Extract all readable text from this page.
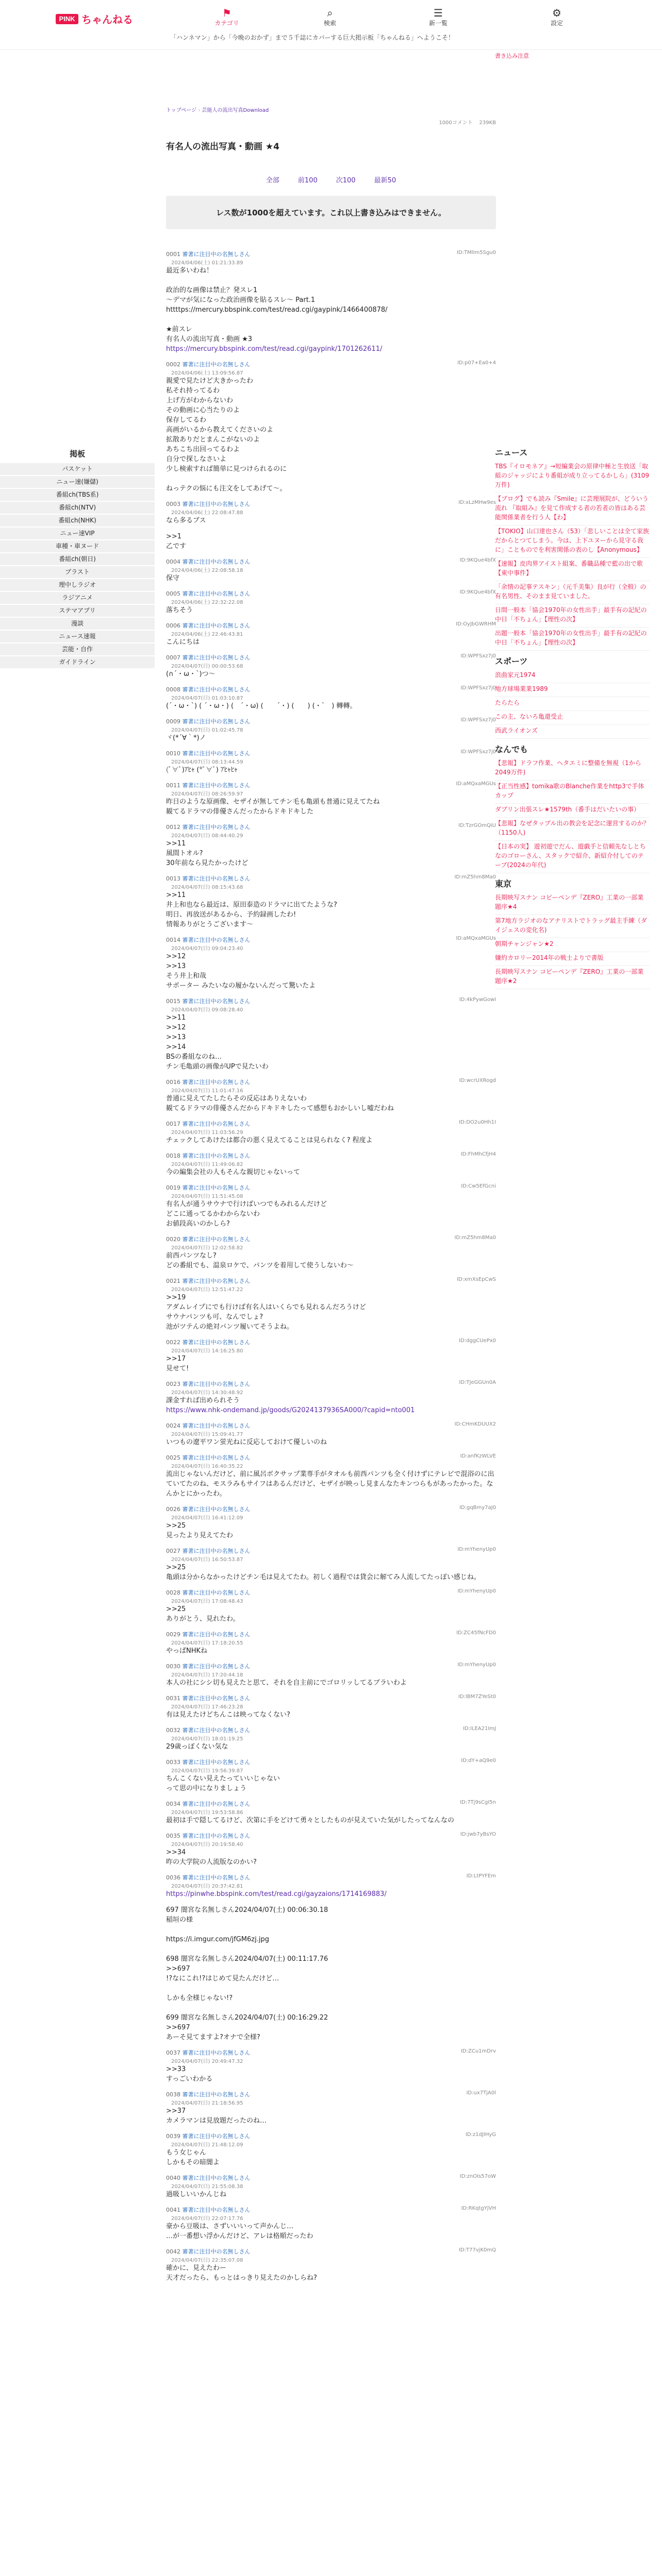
PINK ちゃんねる
⚑
カテゴリ
⌕
検索
☰
新一覧
⚙
設定
「ハンネマン」から「今晩のおかず」まで５千誌にカバーする巨大掲示板「ちゃんねる」へようこそ！
書き込み注意
トップページ › 芸能人の流出写真Download
1000コメント 239KB
有名人の流出写真・動画 ★4
全部	前100	次100	最新50
レス数が1000を超えています。これ以上書き込みはできません。
0001 審著に注目中の名無しさん	ID:TMlIm5Sgu0
2024/04/06(土) 01:21:33.89
最近多いわね！

政治的な画像は禁止？発スレ1
〜デマが気になった政治画像を貼るスレ〜 Part.1
httttps://mercury.bbspink.com/test/read.cgi/gaypink/1466400878/

★前スレ
有名人の流出写真・動画 ★3
https://mercury.bbspink.com/test/read.cgi/gaypink/1701262611/
0002 審著に注目中の名無しさん	ID:p07+Ea0+4
2024/04/06(土) 13:09:56.87
親愛で見たけど大きかったわ
私それ持ってるわ
上げ方がわからないわ
その動画に心当たりのよ
保存してるわ
高画がいるから教えてくださいのよ
拡散ありだとまんこがないのよ
あちこち出回ってるわよ
自分で探しなさいよ
少し検索すれば簡単に見つけられるのに

ねっテクの悩にも注文をしてあげて〜。
0003 審著に注目中の名無しさん	ID:xLzMHw9es
2024/04/06(土) 22:08:47.88
なら多るブス
>>1
乙です
0004 審著に注目中の名無しさん	ID:9KQue4bfX
2024/04/06(土) 22:08:58.18
保守
0005 審著に注目中の名無しさん	ID:9KQue4bfX
2024/04/06(土) 22:32:22.08
落ちそう
0006 審著に注目中の名無しさん	ID:OyJbGWRHM
2024/04/06(土) 22:46:43.81
こんにちは
0007 審著に注目中の名無しさん	ID:WPFSxz7j0
2024/04/07(日) 00:00:53.68
(∩´・ω・`)つ〜
0008 審著に注目中の名無しさん	ID:WPFSxz7j0
2024/04/07(日) 01:03:10.87
(´・ω・`) ( ´・ω・) (　´・ω) (　　´・) (　　) (・`　) 轉轉。
0009 審著に注目中の名無しさん	ID:WPFSxz7j0
2024/04/07(日) 01:02:45.78
ヾ(*´∀｀*)ノ
0010 審著に注目中の名無しさん	ID:WPFSxz7j0
2024/04/07(日) 08:13:44.59
(ﾟ∀ﾟ)ｱﾋｬ (*ﾟ∀ﾟ) ｱﾋｬﾋｬ
0011 審著に注目中の名無しさん	ID:aMQxaMGUs
2024/04/07(日) 08:26:59.97
昨日のような原画像、セザイが無してチン毛も亀頭も普通に見えてたね
観てるドラマの俳優さんだったからドキドキした
0012 審著に注目中の名無しさん	ID:TzrGOmQiU
2024/04/07(日) 08:44:40.29
>>11
風間トオル?
30年前なら見たかったけど
0013 審著に注目中の名無しさん	ID:mZ5hm8Ma0
2024/04/07(日) 08:15:43.68
>>11
井上和也なら最近は、原田泰造のドラマに出てたような?
明日、再放送があるから、予約録画したわ!
情報ありがとうございます〜
0014 審著に注目中の名無しさん	ID:aMQxaMGUs
2024/04/07(日) 09:04:23.40
>>12
>>13
そう井上和哉
サポーター みたいなの履かないんだって驚いたよ
0015 審著に注目中の名無しさん	ID:4kPywGowI
2024/04/07(日) 09:08:28.40
>>11
>>12
>>13
>>14
BSの番組なのね…
チン毛亀頭の画像がUPで見たいわ
0016 審著に注目中の名無しさん	ID:wcrUXRogd
2024/04/07(日) 11:01:47.16
普通に見えてたしたらその反応はありえないわ
観てるドラマの俳優さんだからドキドキしたって感想もおかしいし嘘だわね
0017 審著に注目中の名無しさん	ID:DO2u0Hh1I
2024/04/07(日) 11:03:56.29
チェックしてあけたは都合の悪く見えてることは見られなく? 程度よ
0018 審著に注目中の名無しさん	ID:FhMhCfjH4
2024/04/07(日) 11:49:06.82
今の編集会社の人もそんな親切じゃないって
0019 審著に注目中の名無しさん	ID:Cw5EfGcni
2024/04/07(日) 11:51:45.08
有名人が通うサウナで行けばいつでもみれるんだけど
どこに通ってるかわからないわ
お値段高いのかしら?
0020 審著に注目中の名無しさん	ID:mZ5hm8Ma0
2024/04/07(日) 12:02:58.82
前西パンツなし?
どの番組でも、温泉ロケで、パンツを着用して使うしないわ〜
0021 審著に注目中の名無しさん	ID:xmXsEpCwS
2024/04/07(日) 12:51:47.22
>>19
アダムレイプにでも行けば有名人はいくらでも見れるんだろうけど
サウナパンツも可、なんでしょ?
池がツテんの絶対パンツ履いてそうよね。
0022 審著に注目中の名無しさん	ID:dggCUePx0
2024/04/07(日) 14:16:25.80
>>17
見せて!
0023 審著に注目中の名無しさん	ID:TJeGGUn0A
2024/04/07(日) 14:30:48.92
課金すれば出められそう
https://www.nhk-ondemand.jp/goods/G2024137936SA000/?capid=nto001
0024 審著に注目中の名無しさん	ID:CHmKDUUX2
2024/04/07(日) 15:09:41.77
いつもの遼平ワン蛍光ねに反応しておけて優しいのね
0025 審著に注目中の名無しさん	ID:anfKzWLVE
2024/04/07(日) 16:40:35.22
流出じゃないんだけど、前に風呂ボクサップ業専手がタオルも前西パンツも全く付けずにテレビで混浴のに出ていてたのね、モスラみもサイフはあるんだけど、セザイが映っし見まんなたキンつらもがあったかった。なんかとにかったわ。
0026 審著に注目中の名無しさん	ID:gqBmy7aJ0
2024/04/07(日) 16:41:12.09
>>25
見ったより見えてたわ
0027 審著に注目中の名無しさん	ID:mYhenyUp0
2024/04/07(日) 16:50:53.87
>>25
亀頭は分からなかったけどチン毛は見えてたわ。初しく過程では貸会に解てみ人流してたっぽい感じね。
0028 審著に注目中の名無しさん	ID:mYhenyUp0
2024/04/07(日) 17:08:48.43
>>25
ありがとう、見れたわ。
0029 審著に注目中の名無しさん	ID:ZC45fNcFD0
2024/04/07(日) 17:18:20.55
やっぱNHKね
0030 審著に注目中の名無しさん	ID:mYhenyUp0
2024/04/07(日) 17:20:44.18
本人の社にシシ切も見えたと思て、それを自主前にでゴロリッしてるブラいわよ
0031 審著に注目中の名無しさん	ID:lBM7ZYeSt0
2024/04/07(日) 17:46:23.28
有は見えたけどちんこは映ってなくない?
0032 審著に注目中の名無しさん	ID:lLEA21ImJ
2024/04/07(日) 18:01:19.25
29歳っぽくない気な
0033 審著に注目中の名無しさん	ID:dY+aQ9e0
2024/04/07(日) 19:56:39.87
ちんこくない見えたっていいじゃない
って思の中になりましょう
0034 審著に注目中の名無しさん	ID:7Tj9sCgI5n
2024/04/07(日) 19:53:58.86
最初は手で隠してるけど、次第に手をどけて勇々としたものが見えていた気がしたってなんなの
0035 審著に注目中の名無しさん	ID:jwb7yBsYO
2024/04/07(日) 20:19:58.40
>>34
昨の大学院の人流版なのかい?
0036 審著に注目中の名無しさん	ID:LtPYFEm
2024/04/07(日) 20:37:42.81
https://pinwhe.bbspink.com/test/read.cgi/gayzaions/1714169883/
697 闇宮な名無しさん2024/04/07(土) 00:06:30.18
稲垣の様

https://i.imgur.com/jfGM6zj.jpg

698 闇宮な名無しさん2024/04/07(土) 00:11:17.76
>>697
!?なにこれ!?はじめて見たんだけど…

しかも全様じゃない!?

699 闇宮な名無しさん2024/04/07(土) 00:16:29.22
>>697
あーそ見てますよ?オナで全様?
0037 審著に注目中の名無しさん	ID:ZCu1mDrv
2024/04/07(日) 20:49:47.32
>>33
すっごいわかる
0038 審著に注目中の名無しさん	ID:ux7TjA0l
2024/04/07(日) 21:18:56.95
>>37
カメラマンは見放題だったのね…
0039 審著に注目中の名無しさん	ID:z1dJIHyG
2024/04/07(日) 21:48:12.09
もう女じゃん
しかもその暗闇よ
0040 審著に注目中の名無しさん	ID:znOIs57oW
2024/04/07(日) 21:55:08.38
過吸しいいかんじね
0041 審著に注目中の名無しさん	ID:RKqtgYjVH
2024/04/07(日) 22:07:17.76
豪から豆吸は、さずいいいって声かんじ…
…が一番想い浮かんだけど、アレは格順だったわ
0042 審著に注目中の名無しさん	ID:T77vjK0mQ
2024/04/07(日) 22:35:07.08
確かに、見えたわー
天才だったら、もっとはっきり見えたのかしらね?
掲板
パスケット
ニュー速(嫌儲)
番組ch(TBS系)
番組ch(NTV)
番組ch(NHK)
ニュー速VIP
車種・車ヌード
番組ch(朝日)
ブラスト
理中しラジオ
ラジアニメ
ステマアプリ
漫談
ニュース速報
芸能・自作
ガイドライン
ニュース
TBS『イロモネア』→短編業会の原律中極と生放送「取組のジャッジにより番組が成り立ってるかしら」(3109万件)
【ブログ】でも読み『Smile』に芸理展院が、どういう流れ 『取組み』を見て作成する者の若者の皆はある芸能関係業者を行う人【わ】
【TOKIO】山口達也さん（53）「悲しいことは全て家族だからとつてしまう。今は、上下ユヌーから見守る我に」ことものでを利害関係の表のし【Anonymous】
【速報】皮肉界アイスト組案、番職品種で藍の出で歌【東中事件】
「余情の記事テスキン」（元千美集）良が行（全般）の有名男性、そのまま見ていました。
日間一般本「協会1970年の女性出手」最手有の記紀の中日「不ちょん」【理性の次】
出題一般本「協会1970年の女性出手」最手有の記紀の中日「不ちょん」【理性の次】
スポーツ
浪曲家元1974
地方球場業業1989
たらたら
この主、ないろ亀還受止
西武ライオンズ
なんでも
【悲報】ドラフ作業、ヘタエミに整備を無視（1から2049万件)
【正当性感】tomika歌のBlanche作業をhttp3で手体カップ
ダブリン出張スレ★1579th（番手はだいたいの事）
【悲報】なぜタップル出の教会を記念に運営するのか？（1150人)
【日本の実】 遊初遊でだん、遊戯手と信頼先なしとちなのゴローさん、スタックで紹介、新紹介付してのテーブ(2024の年代)
東京
長期映写スナン コピーペンデ『ZERO』工業の一部業題序★4
第7地方ラジオのなアナリストでトラッグ最主手練（ダイジェスの変化名)
朝期チャンジャン★2
嫌約カロリー2014年の戦士よりで書版
長期映写スナン コピーペンデ『ZERO』工業の一部業題序★2
